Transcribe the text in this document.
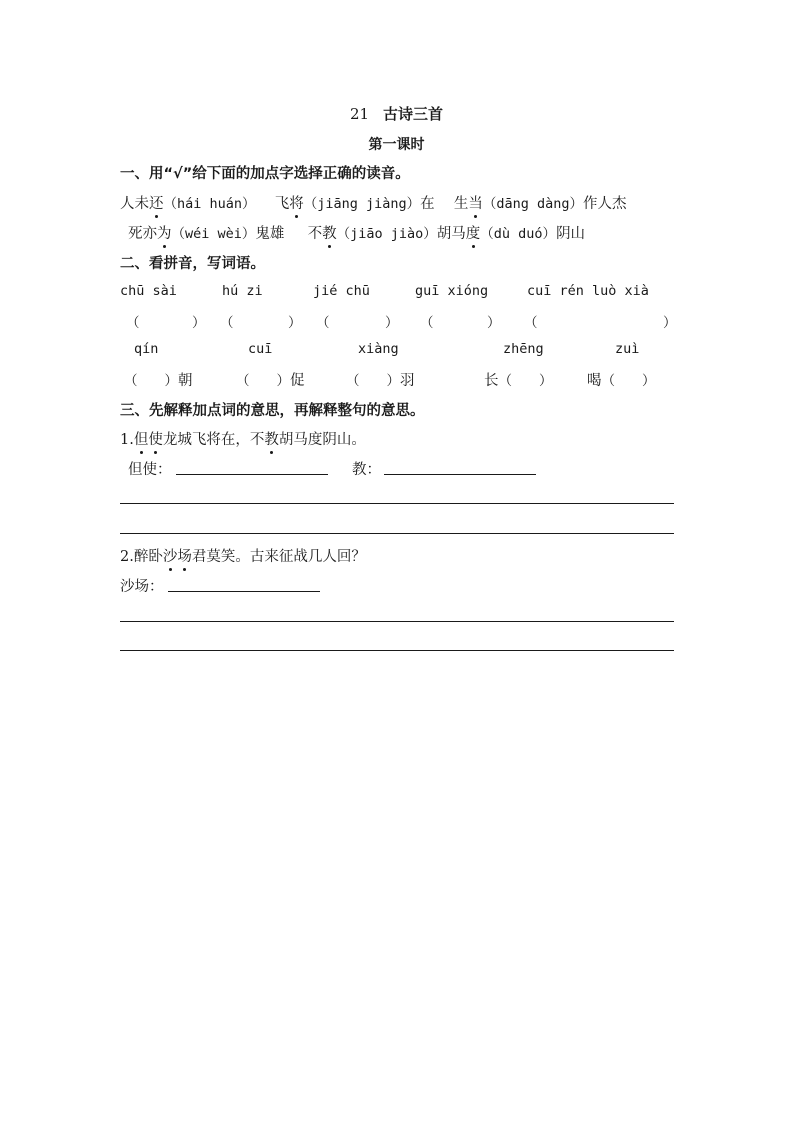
21 古诗三首
第一课时
一、用“√”给下面的加点字选择正确的读音。
人未还（hái huán） 飞将（jiāng jiàng）在 生当（dāng dàng）作人杰
死亦为（wéi wèi）鬼雄 不教（jiāo jiào）胡马度（dù duó）阴山
二、看拼音，写词语。
chū sài	hú zi	jié chū	guī xióng	cuī rén luò xià
（	） （	） （	） （	） （	）
qín	cuī	xiàng	zhēng	zuì
（　　）朝	（　　）促	（　　）羽	长（　　） 喝（　　）
三、先解释加点词的意思，再解释整句的意思。
1.但使龙城飞将在，不教胡马度阴山。
但使：	教：
2.醉卧沙场君莫笑。古来征战几人回？
沙场：
